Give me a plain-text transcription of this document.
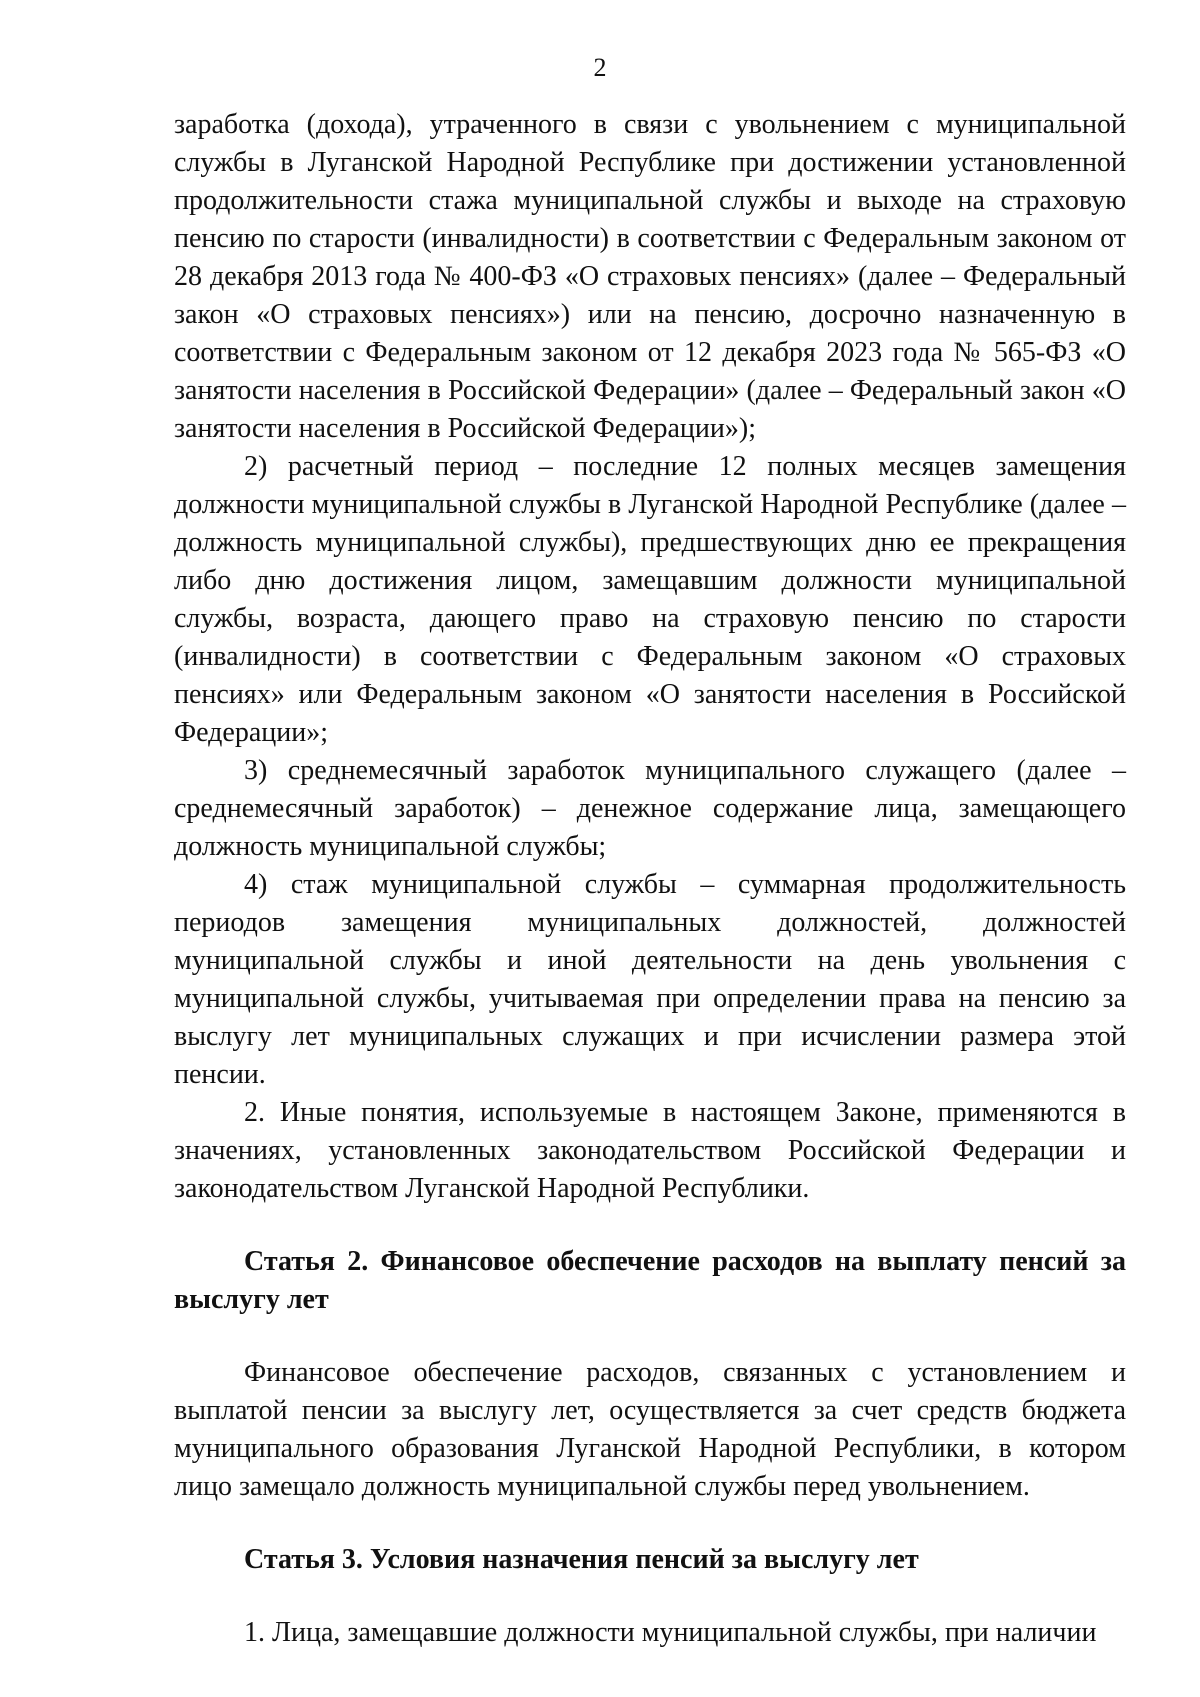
2

заработка (дохода), утраченного в связи с увольнением с муниципальной службы в Луганской Народной Республике при достижении установленной продолжительности стажа муниципальной службы и выходе на страховую пенсию по старости (инвалидности) в соответствии с Федеральным законом от 28 декабря 2013 года № 400-ФЗ «О страховых пенсиях» (далее – Федеральный закон «О страховых пенсиях») или на пенсию, досрочно назначенную в соответствии с Федеральным законом от 12 декабря 2023 года № 565-ФЗ «О занятости населения в Российской Федерации» (далее – Федеральный закон «О занятости населения в Российской Федерации»);

2) расчетный период – последние 12 полных месяцев замещения должности муниципальной службы в Луганской Народной Республике (далее – должность муниципальной службы), предшествующих дню ее прекращения либо дню достижения лицом, замещавшим должности муниципальной службы, возраста, дающего право на страховую пенсию по старости (инвалидности) в соответствии с Федеральным законом «О страховых пенсиях» или Федеральным законом «О занятости населения в Российской Федерации»;

3) среднемесячный заработок муниципального служащего (далее – среднемесячный заработок) – денежное содержание лица, замещающего должность муниципальной службы;

4) стаж муниципальной службы – суммарная продолжительность периодов замещения муниципальных должностей, должностей муниципальной службы и иной деятельности на день увольнения с муниципальной службы, учитываемая при определении права на пенсию за выслугу лет муниципальных служащих и при исчислении размера этой пенсии.

2. Иные понятия, используемые в настоящем Законе, применяются в значениях, установленных законодательством Российской Федерации и законодательством Луганской Народной Республики.

Статья 2. Финансовое обеспечение расходов на выплату пенсий за выслугу лет

Финансовое обеспечение расходов, связанных с установлением и выплатой пенсии за выслугу лет, осуществляется за счет средств бюджета муниципального образования Луганской Народной Республики, в котором лицо замещало должность муниципальной службы перед увольнением.

Статья 3. Условия назначения пенсий за выслугу лет

1. Лица, замещавшие должности муниципальной службы, при наличии
